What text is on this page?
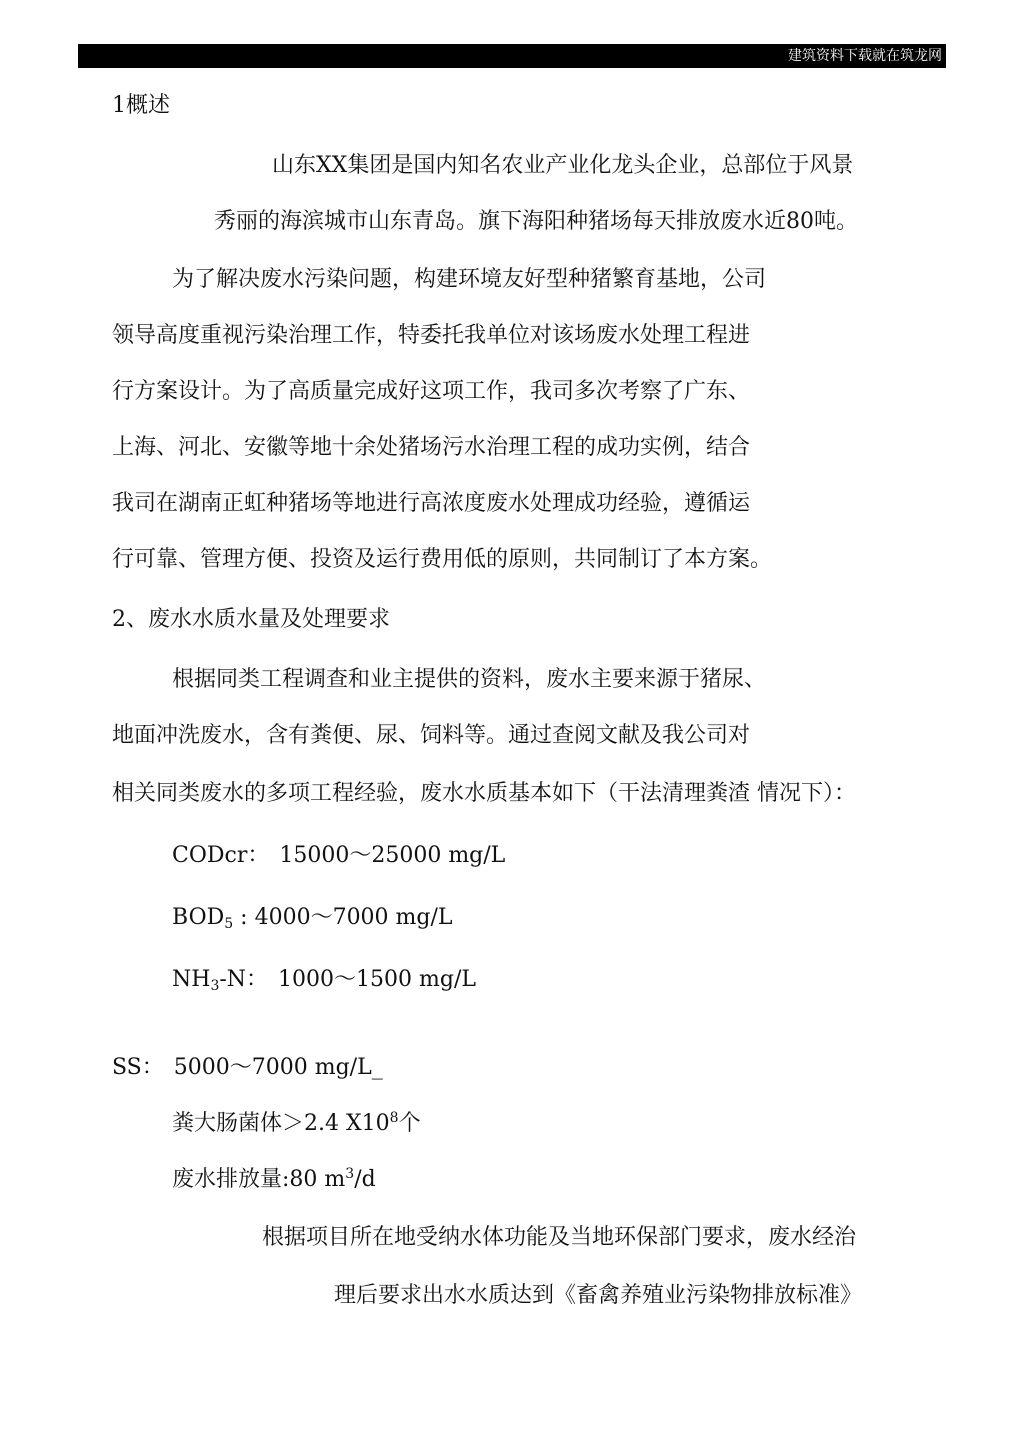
建筑资料下载就在筑龙网
1概述
山东XX集团是国内知名农业产业化龙头企业，总部位于风景
秀丽的海滨城市山东青岛。旗下海阳种猪场每天排放废水近80吨。
为了解决废水污染问题，构建环境友好型种猪繁育基地，公司
领导高度重视污染治理工作，特委托我单位对该场废水处理工程进
行方案设计。为了高质量完成好这项工作，我司多次考察了广东、
上海、河北、安徽等地十余处猪场污水治理工程的成功实例，结合
我司在湖南正虹种猪场等地进行高浓度废水处理成功经验，遵循运
行可靠、管理方便、投资及运行费用低的原则，共同制订了本方案。
2、废水水质水量及处理要求
根据同类工程调查和业主提供的资料，废水主要来源于猪尿、
地面冲洗废水，含有粪便、尿、饲料等。通过查阅文献及我公司对
相关同类废水的多项工程经验，废水水质基本如下（干法清理粪渣 情况下）：
CODcr： 15000～25000 mg/L
$BOD_5$ : 4000～7000 mg/L
$NH_3-N$： 1000～1500 mg/L
SS： 5000～7000 mg/L_
粪大肠菌体＞2.4 $X10^8$个
废水排放量:80 $m^3/d$
根据项目所在地受纳水体功能及当地环保部门要求，废水经治
理后要求出水水质达到《畜禽养殖业污染物排放标准》
